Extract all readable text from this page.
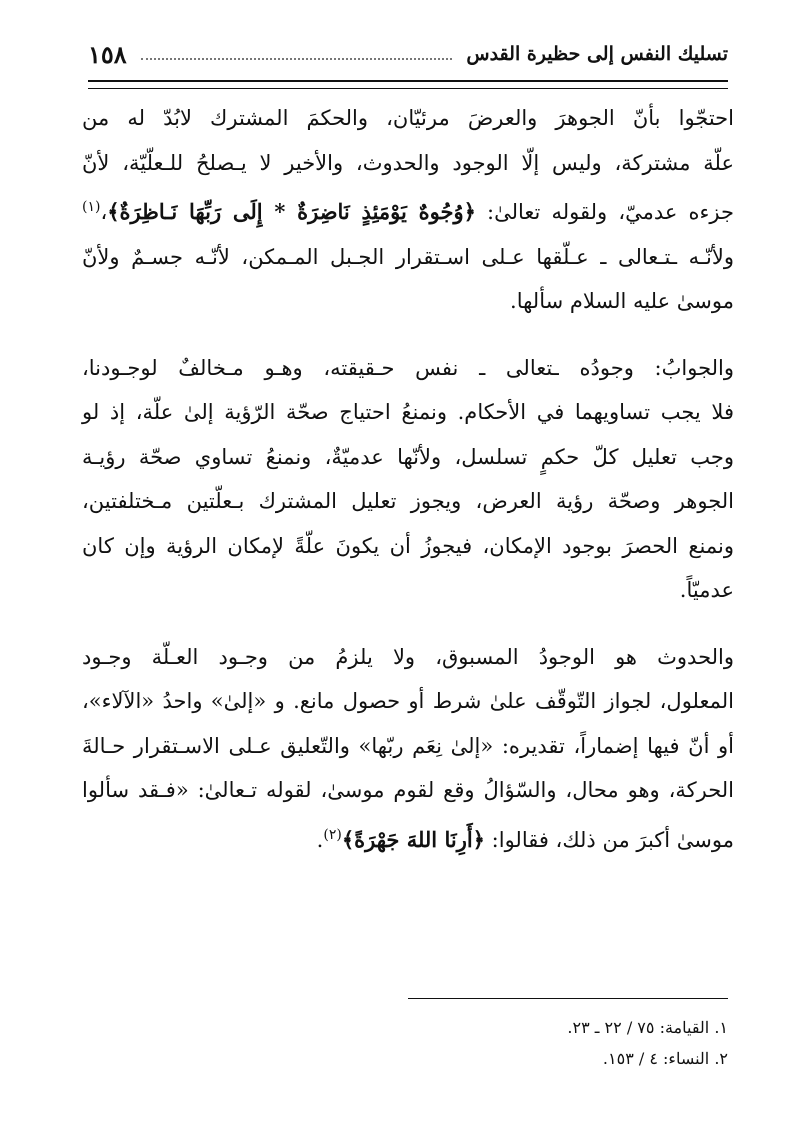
تسليك النفس إلى حظيرة القدس
١٥٨
احتجّوا بأنّ الجوهرَ والعرضَ مرئيّان، والحكمَ المشترك لابُدّ له من
علّة مشتركة، وليس إلّا الوجود والحدوث، والأخير لا يـصلحُ للـعلّيّة، لأنّ
جزءه عدميّ، ولقوله تعالىٰ: ﴿وُجُوهٌ يَوْمَئِذٍ نَاضِرَةٌ * إِلَى رَبِّهَا نَـاظِرَةٌ﴾،$^{(١)}$
ولأنّـه ـتـعالى ـ عـلّقها عـلى اسـتقرار الجـبل المـمكن، لأنّـه جسـمٌ ولأنّ
موسىٰ عليه السلام سألها.
والجوابُ: وجودُه ـتعالى ـ نفس حـقيقته، وهـو مـخالفٌ لوجـودنا،
فلا يجب تساويهما في الأحكام. ونمنعُ احتياج صحّة الرّؤية إلىٰ علّة، إذ لو
وجب تعليل كلّ حكمٍ تسلسل، ولأنّها عدميّةٌ، ونمنعُ تساوي صحّة رؤيـة
الجوهر وصحّة رؤية العرض، ويجوز تعليل المشترك بـعلّتين مـختلفتين،
ونمنع الحصرَ بوجود الإمكان، فيجوزُ أن يكونَ علّةً لإمكان الرؤية وإن كان
عدميّاً.
والحدوث هو الوجودُ المسبوق، ولا يلزمُ من وجـود العـلّة وجـود
المعلول، لجواز التّوقّف علىٰ شرط أو حصول مانع. و «إلىٰ» واحدُ «الآلاء»،
أو أنّ فيها إضماراً، تقديره: «إلىٰ نِعَم ربّها» والتّعليق عـلى الاسـتقرار حـالةَ
الحركة، وهو محال، والسّؤالُ وقع لقوم موسىٰ، لقوله تـعالىٰ: «فـقد سألوا
موسىٰ أكبرَ من ذلك، فقالوا: ﴿أَرِنَا اللهَ جَهْرَةً﴾$^{(٢)}$.
١. القيامة: ٧٥ / ٢٢ ـ ٢٣.
٢. النساء: ٤ / ١٥٣.
